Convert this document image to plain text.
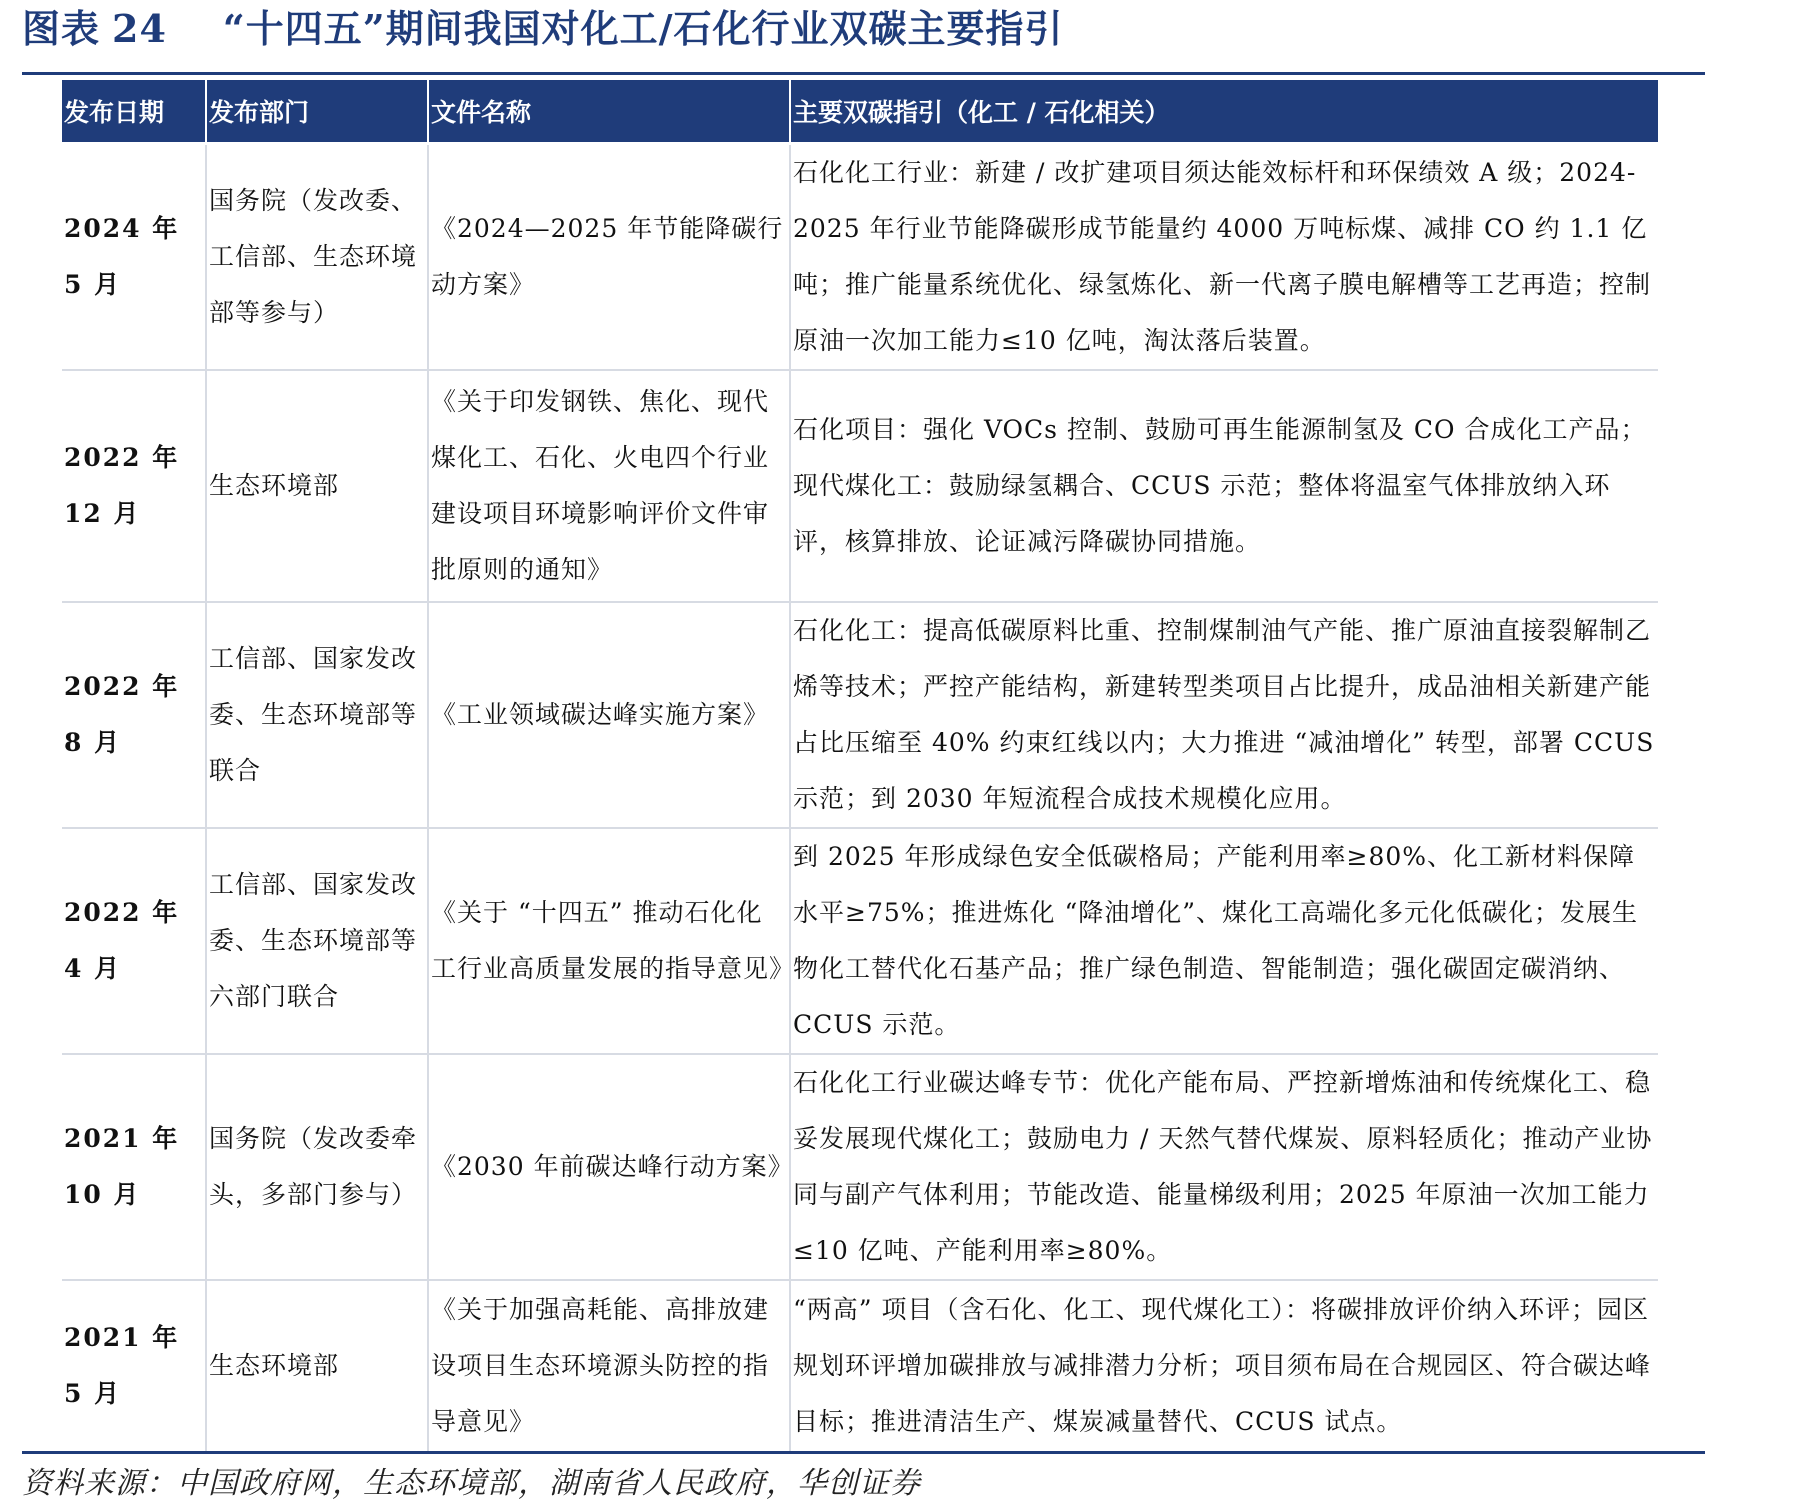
图表 24 “十四五”期间我国对化工/石化行业双碳主要指引
发布日期	发布部门	文件名称	主要双碳指引（化工 / 石化相关）

2024 年 5 月	国务院（发改委、工信部、生态环境部等参与）	《2024—2025 年节能降碳行动方案》	石化化工行业：新建 / 改扩建项目须达能效标杆和环保绩效 A 级；2024-2025 年行业节能降碳形成节能量约 4000 万吨标煤、减排 CO 约 1.1 亿吨；推广能量系统优化、绿氢炼化、新一代离子膜电解槽等工艺再造；控制原油一次加工能力≤10 亿吨，淘汰落后装置。
2022 年 12 月	生态环境部	《关于印发钢铁、焦化、现代煤化工、石化、火电四个行业建设项目环境影响评价文件审批原则的通知》	石化项目：强化 VOCs 控制、鼓励可再生能源制氢及 CO 合成化工产品；现代煤化工：鼓励绿氢耦合、CCUS 示范；整体将温室气体排放纳入环评，核算排放、论证减污降碳协同措施。
2022 年 8 月	工信部、国家发改委、生态环境部等联合	《工业领域碳达峰实施方案》	石化化工：提高低碳原料比重、控制煤制油气产能、推广原油直接裂解制乙烯等技术；严控产能结构，新建转型类项目占比提升，成品油相关新建产能占比压缩至 40% 约束红线以内；大力推进 “减油增化” 转型，部署 CCUS 示范；到 2030 年短流程合成技术规模化应用。
2022 年 4 月	工信部、国家发改委、生态环境部等六部门联合	《关于 “十四五” 推动石化化工行业高质量发展的指导意见》	到 2025 年形成绿色安全低碳格局；产能利用率≥80%、化工新材料保障水平≥75%；推进炼化 “降油增化”、煤化工高端化多元化低碳化；发展生物化工替代化石基产品；推广绿色制造、智能制造；强化碳固定碳消纳、CCUS 示范。
2021 年 10 月	国务院（发改委牵头，多部门参与）	《2030 年前碳达峰行动方案》	石化化工行业碳达峰专节：优化产能布局、严控新增炼油和传统煤化工、稳妥发展现代煤化工；鼓励电力 / 天然气替代煤炭、原料轻质化；推动产业协同与副产气体利用；节能改造、能量梯级利用；2025 年原油一次加工能力≤10 亿吨、产能利用率≥80%。
2021 年 5 月	生态环境部	《关于加强高耗能、高排放建设项目生态环境源头防控的指导意见》	“两高” 项目（含石化、化工、现代煤化工）：将碳排放评价纳入环评；园区规划环评增加碳排放与减排潜力分析；项目须布局在合规园区、符合碳达峰目标；推进清洁生产、煤炭减量替代、CCUS 试点。
资料来源：中国政府网，生态环境部，湖南省人民政府，华创证券
